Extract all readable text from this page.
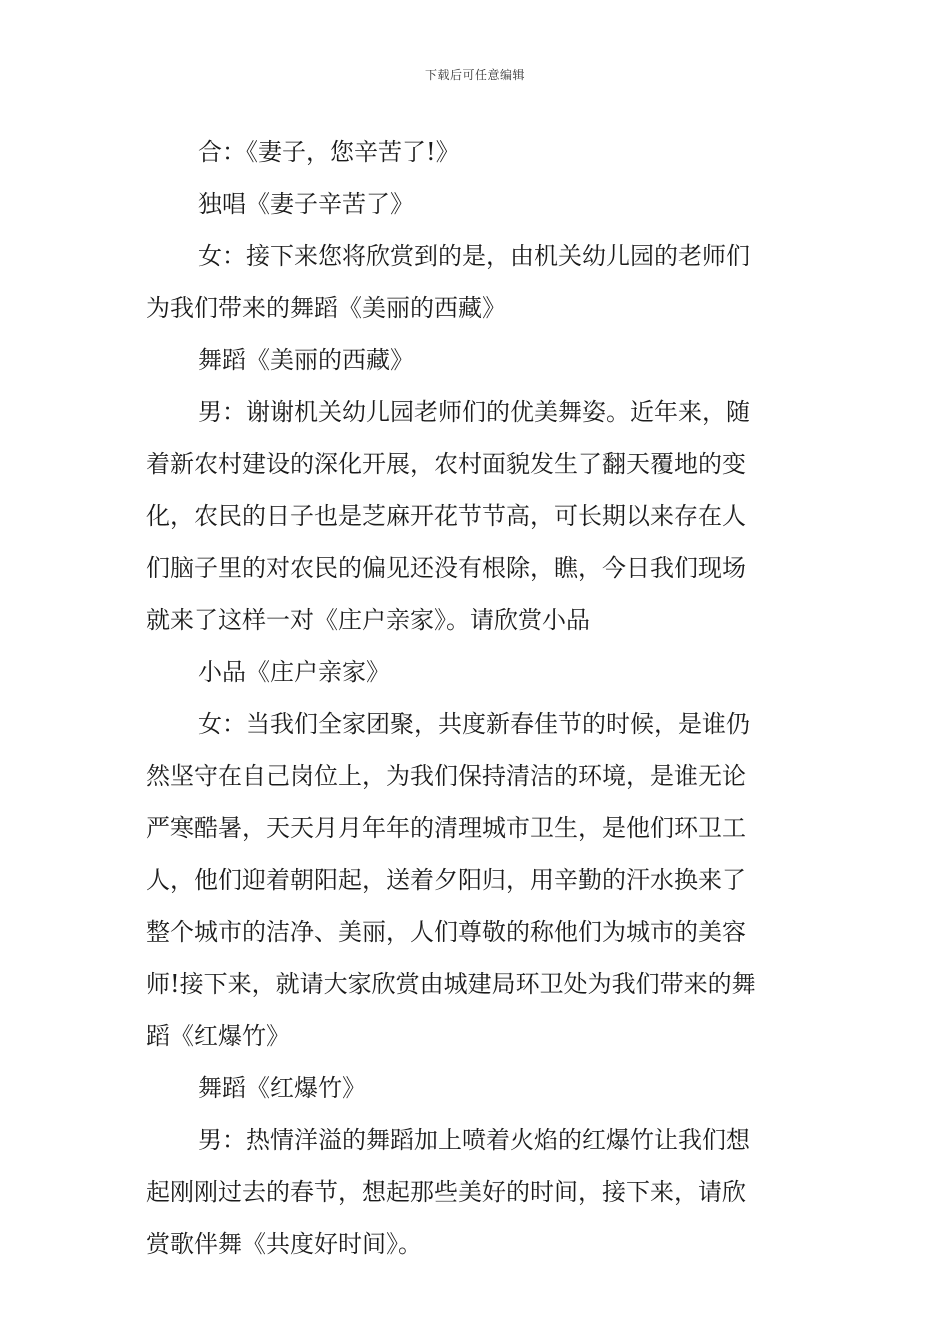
下载后可任意编辑

合：《妻子，您辛苦了!》

独唱《妻子辛苦了》

女：接下来您将欣赏到的是，由机关幼儿园的老师们
为我们带来的舞蹈《美丽的西藏》

舞蹈《美丽的西藏》

男：谢谢机关幼儿园老师们的优美舞姿。近年来，随
着新农村建设的深化开展，农村面貌发生了翻天覆地的变
化，农民的日子也是芝麻开花节节高，可长期以来存在人
们脑子里的对农民的偏见还没有根除，瞧，今日我们现场
就来了这样一对《庄户亲家》。请欣赏小品

小品《庄户亲家》

女：当我们全家团聚，共度新春佳节的时候，是谁仍
然坚守在自己岗位上，为我们保持清洁的环境，是谁无论
严寒酷暑，天天月月年年的清理城市卫生，是他们环卫工
人，他们迎着朝阳起，送着夕阳归，用辛勤的汗水换来了
整个城市的洁净、美丽，人们尊敬的称他们为城市的美容
师!接下来，就请大家欣赏由城建局环卫处为我们带来的舞
蹈《红爆竹》

舞蹈《红爆竹》

男：热情洋溢的舞蹈加上喷着火焰的红爆竹让我们想
起刚刚过去的春节，想起那些美好的时间，接下来，请欣
赏歌伴舞《共度好时间》。
